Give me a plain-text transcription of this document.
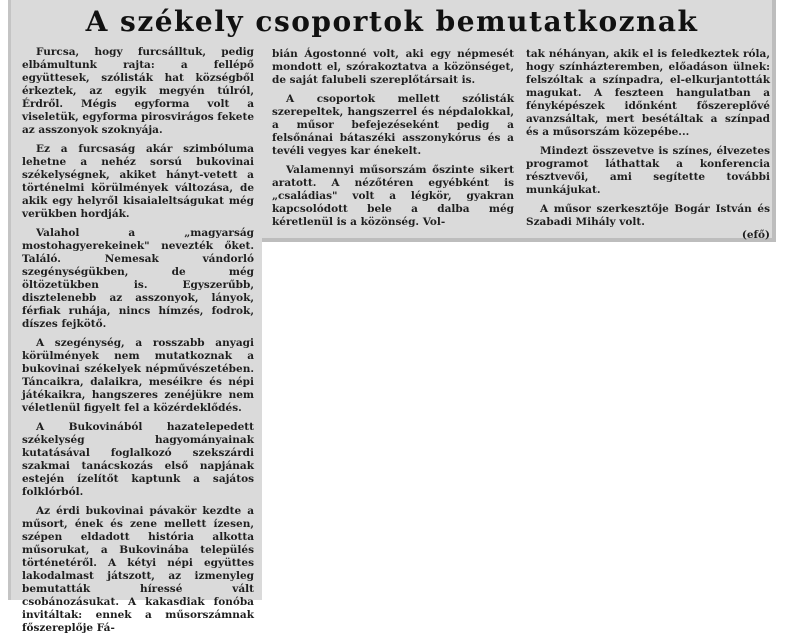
A székely csoportok bemutatkoznak

Furcsa, hogy furcsálltuk, pedig elbámultunk rajta: a fellépő együttesek, szólisták hat községből érkeztek, az egyik megyén túlról, Érdről. Mégis egyforma volt a viseletük, egyforma pirosvirágos fekete az asszonyok szoknyája.

Ez a furcsaság akár szimbóluma lehetne a nehéz sorsú bukovinai székelységnek, akiket hányt-vetett a történelmi körülmények változása, de akik egy helyről kisaialeltságukat még verükben hordják.

Valahol a „magyarság mostohagyerekeinek" nevezték őket. Találó. Nemesak vándorló szegénységükben, de még öltözetükben is. Egyszerűbb, disztelenebb az asszonyok, lányok, férfiak ruhája, nincs hímzés, fodrok, díszes fejkötő.

A szegénység, a rosszabb anyagi körülmények nem mutatkoznak a bukovinai székelyek népművészetében. Táncaikra, dalaikra, meséikre és népi játékaikra, hangszeres zenéjükre nem véletlenül figyelt fel a közérdeklődés.

A Bukovinából hazatelepedett székelység hagyományainak kutatásával foglalkozó szekszárdi szakmai tanácskozás első napjának estején ízelítőt kaptunk a sajátos folklórból.

Az érdi bukovinai pávakör kezdte a műsort, ének és zene mellett ízesen, szépen eldadott história alkotta műsorukat, a Bukovinába település történetéről. A kétyi népi együttes lakodalmast játszott, az izmenyleg bemutatták híressé vált csobánozásukat. A kakasdiak fonóba invitáltak: ennek a műsorszámnak főszereplője Fá-

bián Ágostonné volt, aki egy népmesét mondott el, szórakoztatva a közönséget, de saját falubeli szereplőtársait is.

A csoportok mellett szólisták szerepeltek, hangszerrel és népdalokkal, a műsor befejezéseként pedig a felsőnánai bátaszéki asszonykórus és a tevéli vegyes kar énekelt.

Valamennyi műsorszám őszinte sikert aratott. A nézőtéren egyébként is „családias" volt a légkör, gyakran kapcsolódott bele a dalba még kéretlenül is a közönség. Vol-

tak néhányan, akik el is feledkeztek róla, hogy színházteremben, előadáson ülnek: felszóltak a színpadra, el-elkurjantották magukat. A feszteen hangulatban a fényképészek időnként főszereplővé avanzsáltak, mert besétáltak a színpad és a műsorszám közepébe...

Mindezt összevetve is színes, élvezetes programot láthattak a konferencia résztvevői, ami segítette további munkájukat.

A műsor szerkesztője Bogár István és Szabadi Mihály volt.

(efő)
